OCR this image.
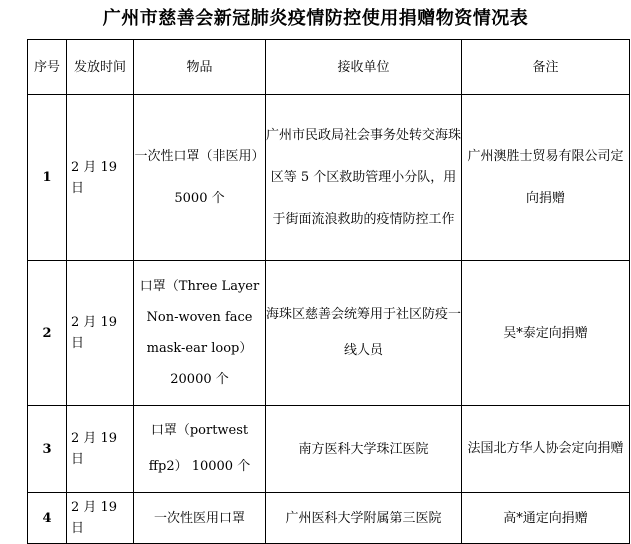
广州市慈善会新冠肺炎疫情防控使用捐赠物资情况表
序号	发放时间	物品	接收单位	备注
1	2 月 19 日	一次性口罩（非医用）5000 个	广州市民政局社会事务处转交海珠区等 5 个区救助管理小分队，用于街面流浪救助的疫情防控工作	广州澳胜士贸易有限公司定向捐赠
2	2 月 19 日	口罩（Three Layer Non-woven face mask-ear loop） 20000 个	海珠区慈善会统筹用于社区防疫一线人员	吴*泰定向捐赠
3	2 月 19 日	口罩（portwest ffp2） 10000 个	南方医科大学珠江医院	法国北方华人协会定向捐赠
4	2 月 19 日	一次性医用口罩	广州医科大学附属第三医院	高*通定向捐赠
